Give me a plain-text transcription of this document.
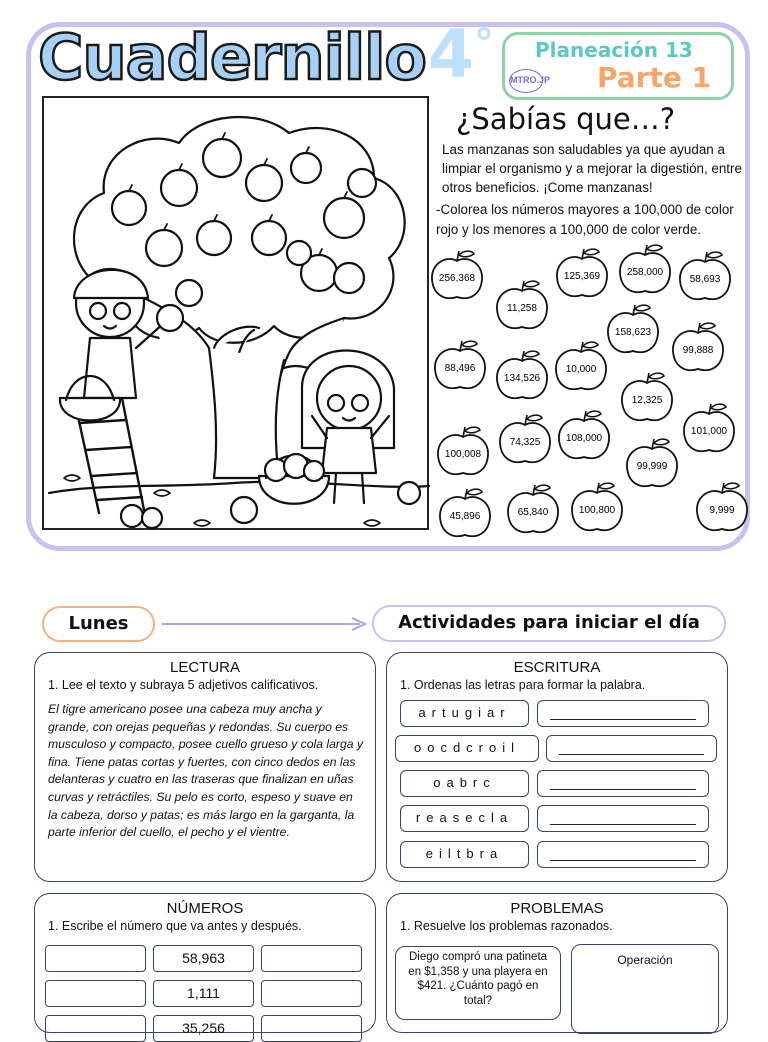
Cuadernillo 4° Planeación 13
MTRO.JP Parte 1
¿Sabías que…?
Las manzanas son saludables ya que ayudan a limpiar el organismo y a mejorar la digestión, entre otros beneficios. ¡Come manzanas!
-Colorea los números mayores a 100,000 de color rojo y los menores a 100,000 de color verde.
256,368
11,258
125,369	258,000
58,693
158,623
99,888
88,496
134,526
10,000
12,325
100,008
74,325	108,000
101,000
99,999
45,896	65,840	100,800	9,999
Lunes	Actividades para iniciar el día
LECTURA
1. Lee el texto y subraya 5 adjetivos calificativos.
El tigre americano posee una cabeza muy ancha y grande, con orejas pequeñas y redondas. Su cuerpo es musculoso y compacto, posee cuello grueso y cola larga y fina. Tiene patas cortas y fuertes, con cinco dedos en las delanteras y cuatro en las traseras que finalizan en uñas curvas y retráctiles. Su pelo es corto, espeso y suave en la cabeza, dorso y patas; es más largo en la garganta, la parte inferior del cuello, el pecho y el vientre.
ESCRITURA
1. Ordenas las letras para formar la palabra.
artugiar
oocdcroil
oabrc
reasecla
eiltbra
NÚMEROS
1. Escribe el número que va antes y después.
58,963
1,111
35,256
PROBLEMAS
1. Resuelve los problemas razonados.
Diego compró una patineta en $1,358 y una playera en $421. ¿Cuánto pagó en total?
Operación
